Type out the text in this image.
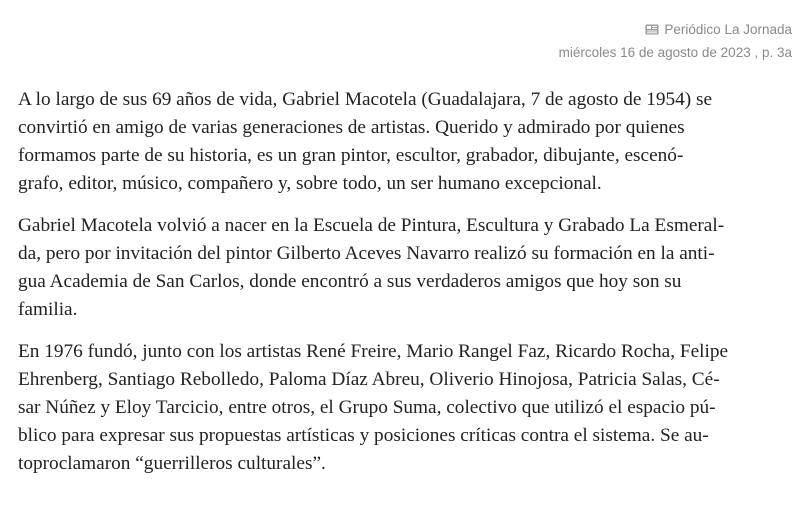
Periódico La Jornada
miércoles 16 de agosto de 2023 , p. 3a

A lo largo de sus 69 años de vida, Gabriel Macotela (Guadalajara, 7 de agosto de 1954) se
convirtió en amigo de varias generaciones de artistas. Querido y admirado por quienes
formamos parte de su historia, es un gran pintor, escultor, grabador, dibujante, escenó-
grafo, editor, músico, compañero y, sobre todo, un ser humano excepcional.

Gabriel Macotela volvió a nacer en la Escuela de Pintura, Escultura y Grabado La Esmeral-
da, pero por invitación del pintor Gilberto Aceves Navarro realizó su formación en la anti-
gua Academia de San Carlos, donde encontró a sus verdaderos amigos que hoy son su
familia.

En 1976 fundó, junto con los artistas René Freire, Mario Rangel Faz, Ricardo Rocha, Felipe
Ehrenberg, Santiago Rebolledo, Paloma Díaz Abreu, Oliverio Hinojosa, Patricia Salas, Cé-
sar Núñez y Eloy Tarcicio, entre otros, el Grupo Suma, colectivo que utilizó el espacio pú-
blico para expresar sus propuestas artísticas y posiciones críticas contra el sistema. Se au-
toproclamaron “guerrilleros culturales”.
